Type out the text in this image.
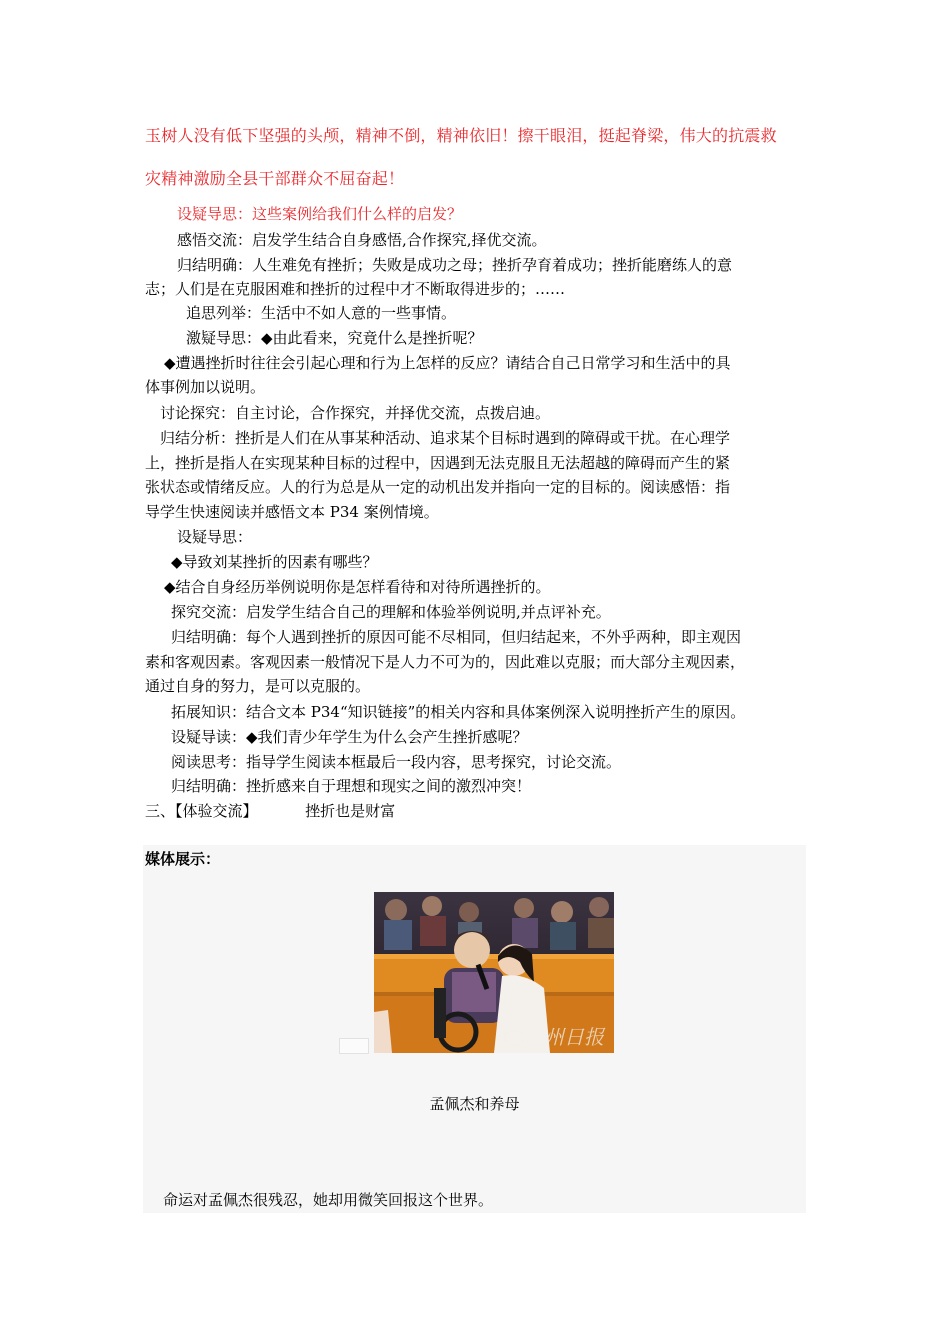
玉树人没有低下坚强的头颅，精神不倒，精神依旧！擦干眼泪，挺起脊梁，伟大的抗震救
灾精神激励全县干部群众不屈奋起！
设疑导思：这些案例给我们什么样的启发？
感悟交流：启发学生结合自身感悟,合作探究,择优交流。
归结明确：人生难免有挫折；失败是成功之母；挫折孕育着成功；挫折能磨练人的意
志；人们是在克服困难和挫折的过程中才不断取得进步的；……
追思列举：生活中不如人意的一些事情。
激疑导思：◆由此看来，究竟什么是挫折呢？
◆遭遇挫折时往往会引起心理和行为上怎样的反应？请结合自己日常学习和生活中的具
体事例加以说明。
讨论探究：自主讨论，合作探究，并择优交流，点拨启迪。
归结分析：挫折是人们在从事某种活动、追求某个目标时遇到的障碍或干扰。在心理学
上，挫折是指人在实现某种目标的过程中，因遇到无法克服且无法超越的障碍而产生的紧
张状态或情绪反应。人的行为总是从一定的动机出发并指向一定的目标的。阅读感悟：指
导学生快速阅读并感悟文本 P34 案例情境。
设疑导思：
◆导致刘某挫折的因素有哪些？
◆结合自身经历举例说明你是怎样看待和对待所遇挫折的。
探究交流：启发学生结合自己的理解和体验举例说明,并点评补充。
归结明确：每个人遇到挫折的原因可能不尽相同，但归结起来，不外乎两种，即主观因
素和客观因素。客观因素一般情况下是人力不可为的，因此难以克服；而大部分主观因素，
通过自身的努力，是可以克服的。
拓展知识：结合文本 P34“知识链接”的相关内容和具体案例深入说明挫折产生的原因。
设疑导读：◆我们青少年学生为什么会产生挫折感呢？
阅读思考：指导学生阅读本框最后一段内容，思考探究，讨论交流。
归结明确：挫折感来自于理想和现实之间的激烈冲突！
三、【体验交流】          挫折也是财富
媒体展示：
广州日报
孟佩杰和养母
命运对孟佩杰很残忍，她却用微笑回报这个世界。
